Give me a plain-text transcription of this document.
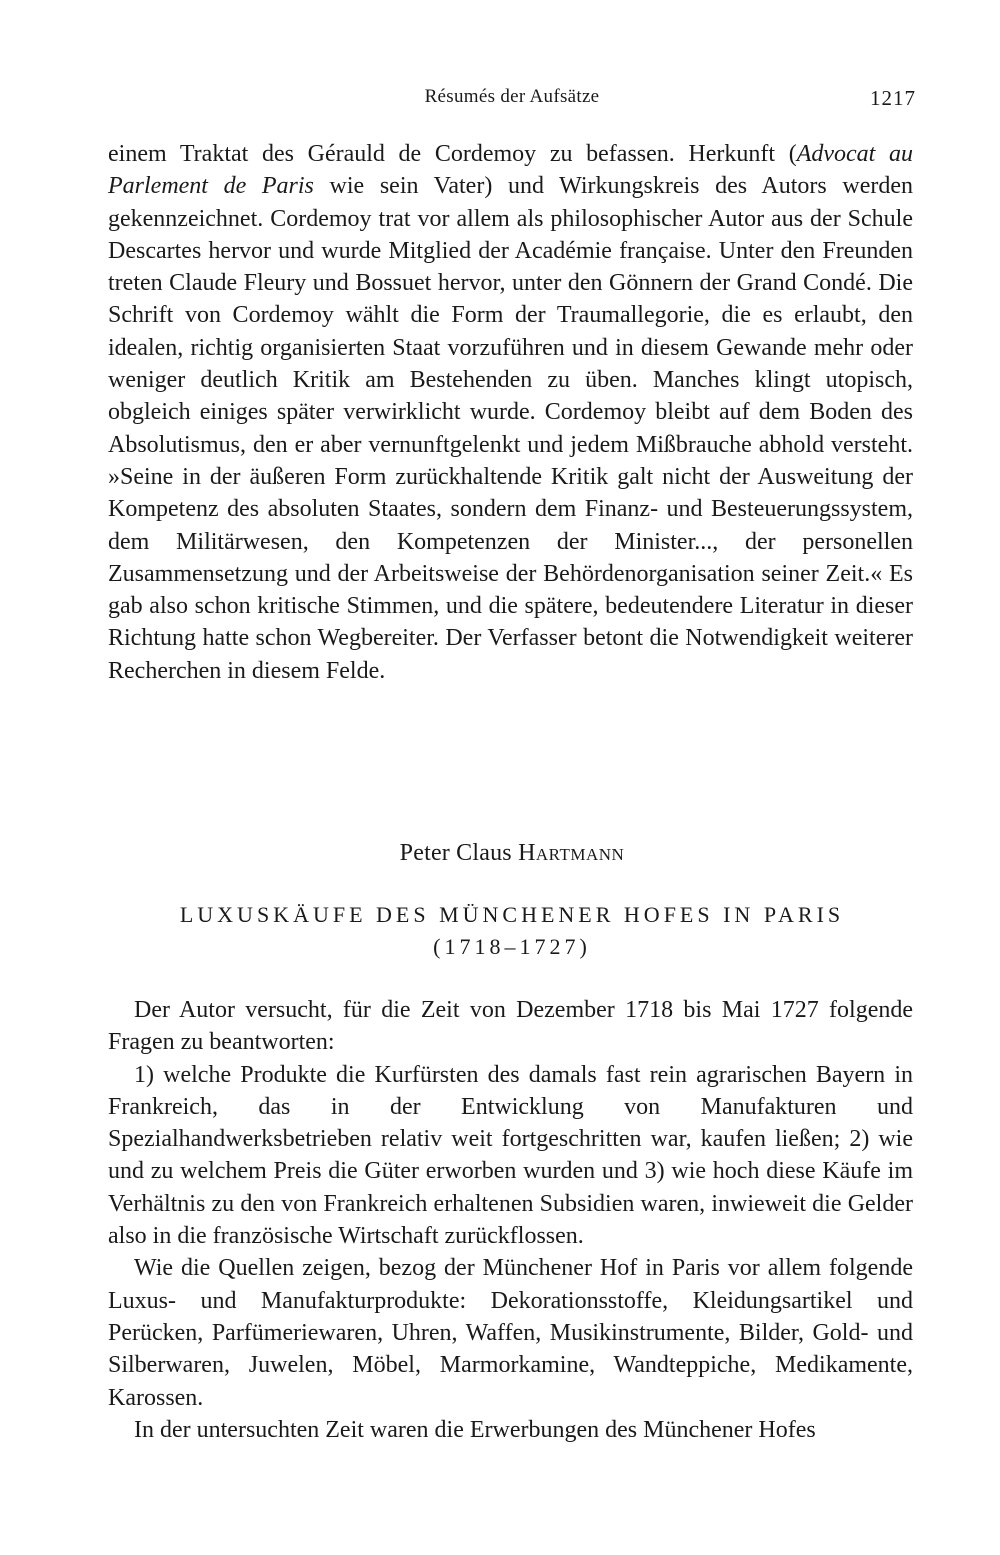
Résumés der Aufsätze	1217

einem Traktat des Gérauld de Cordemoy zu befassen. Herkunft (Advocat au Parlement de Paris wie sein Vater) und Wirkungskreis des Autors werden gekennzeichnet. Cordemoy trat vor allem als philosophischer Autor aus der Schule Descartes hervor und wurde Mitglied der Académie française. Unter den Freunden treten Claude Fleury und Bossuet hervor, unter den Gönnern der Grand Condé. Die Schrift von Cordemoy wählt die Form der Traumallegorie, die es erlaubt, den idealen, richtig organisierten Staat vorzuführen und in diesem Gewande mehr oder weniger deutlich Kritik am Bestehenden zu üben. Manches klingt utopisch, obgleich einiges später verwirklicht wurde. Cordemoy bleibt auf dem Boden des Absolutismus, den er aber vernunftgelenkt und jedem Mißbrauche abhold versteht. »Seine in der äußeren Form zurückhaltende Kritik galt nicht der Ausweitung der Kompetenz des absoluten Staates, sondern dem Finanz- und Besteuerungssystem, dem Militärwesen, den Kompetenzen der Minister..., der personellen Zusammensetzung und der Arbeitsweise der Behördenorganisation seiner Zeit.« Es gab also schon kritische Stimmen, und die spätere, bedeutendere Literatur in dieser Richtung hatte schon Wegbereiter. Der Verfasser betont die Notwendigkeit weiterer Recherchen in diesem Felde.

Peter Claus Hartmann
LUXUSKÄUFE DES MÜNCHENER HOFES IN PARIS
(1718–1727)

Der Autor versucht, für die Zeit von Dezember 1718 bis Mai 1727 folgende Fragen zu beantworten:

1) welche Produkte die Kurfürsten des damals fast rein agrarischen Bayern in Frankreich, das in der Entwicklung von Manufakturen und Spezialhandwerksbetrieben relativ weit fortgeschritten war, kaufen ließen; 2) wie und zu welchem Preis die Güter erworben wurden und 3) wie hoch diese Käufe im Verhältnis zu den von Frankreich erhaltenen Subsidien waren, inwieweit die Gelder also in die französische Wirtschaft zurückflossen.

Wie die Quellen zeigen, bezog der Münchener Hof in Paris vor allem folgende Luxus- und Manufakturprodukte: Dekorationsstoffe, Kleidungsartikel und Perücken, Parfümeriewaren, Uhren, Waffen, Musikinstrumente, Bilder, Gold- und Silberwaren, Juwelen, Möbel, Marmorkamine, Wandteppiche, Medikamente, Karossen.

In der untersuchten Zeit waren die Erwerbungen des Münchener Hofes
